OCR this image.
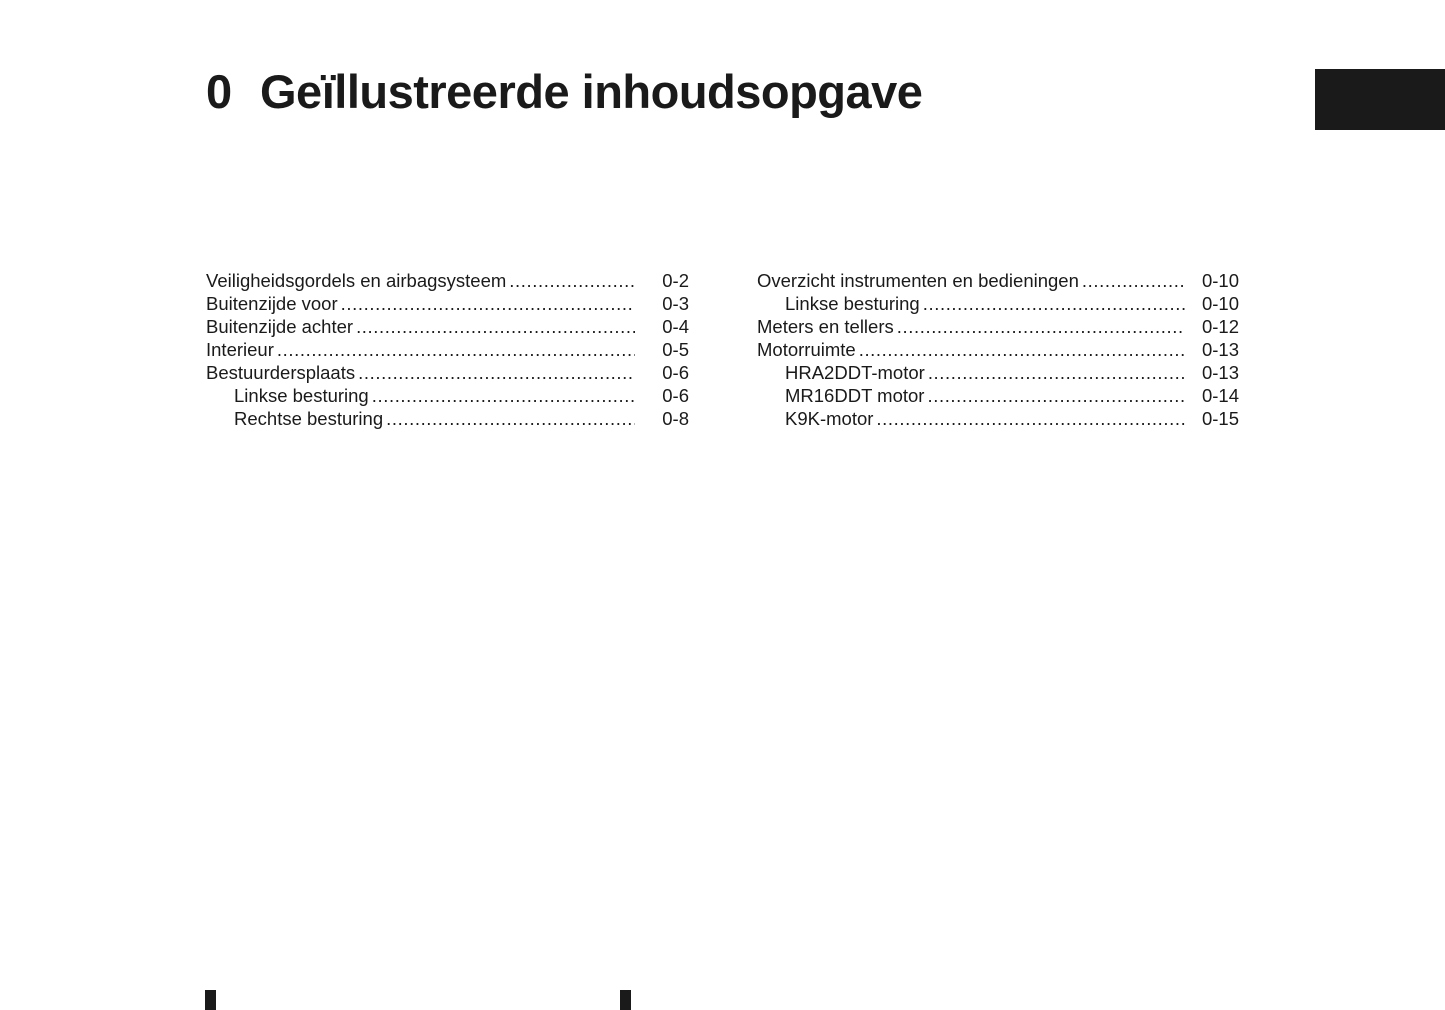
0 Geïllustreerde inhoudsopgave
Veiligheidsgordels en airbagsysteem .....	0-2
Buitenzijde voor .....	0-3
Buitenzijde achter .....	0-4
Interieur .....	0-5
Bestuurdersplaats .....	0-6
Linkse besturing .....	0-6
Rechtse besturing .....	0-8
Overzicht instrumenten en bedieningen .....	0-10
Linkse besturing .....	0-10
Meters en tellers .....	0-12
Motorruimte .....	0-13
HRA2DDT-motor .....	0-13
MR16DDT motor .....	0-14
K9K-motor .....	0-15
